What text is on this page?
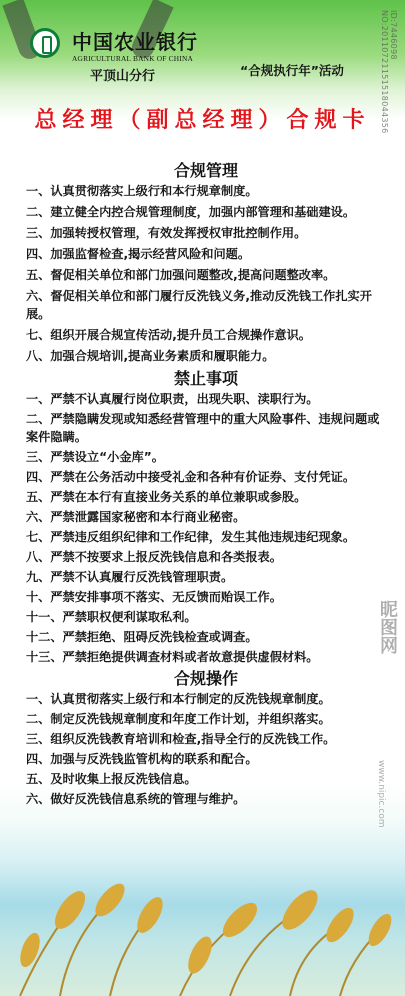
中国农业银行
AGRICULTURAL BANK OF CHINA
平顶山分行	“合规执行年”活动
ID:7446098 NO:20110721151518044356
总经理（副总经理）合规卡
合规管理
一、认真贯彻落实上级行和本行规章制度。
二、建立健全内控合规管理制度，加强内部管理和基础建设。
三、加强转授权管理，有效发挥授权审批控制作用。
四、加强监督检查,揭示经营风险和问题。
五、督促相关单位和部门加强问题整改,提高问题整改率。
六、督促相关单位和部门履行反洗钱义务,推动反洗钱工作扎实开展。
七、组织开展合规宣传活动,提升员工合规操作意识。
八、加强合规培训,提高业务素质和履职能力。
禁止事项
一、严禁不认真履行岗位职责，出现失职、渎职行为。
二、严禁隐瞒发现或知悉经营管理中的重大风险事件、违规问题或案件隐瞒。
三、严禁设立“小金库”。
四、严禁在公务活动中接受礼金和各种有价证券、支付凭证。
五、严禁在本行有直接业务关系的单位兼职或参股。
六、严禁泄露国家秘密和本行商业秘密。
七、严禁违反组织纪律和工作纪律，发生其他违规违纪现象。
八、严禁不按要求上报反洗钱信息和各类报表。
九、严禁不认真履行反洗钱管理职责。
十、严禁安排事项不落实、无反馈而贻误工作。
十一、严禁职权便利谋取私利。
十二、严禁拒绝、阻碍反洗钱检查或调查。
十三、严禁拒绝提供调查材料或者故意提供虚假材料。
合规操作
一、认真贯彻落实上级行和本行制定的反洗钱规章制度。
二、制定反洗钱规章制度和年度工作计划，并组织落实。
三、组织反洗钱教育培训和检查,指导全行的反洗钱工作。
四、加强与反洗钱监管机构的联系和配合。
五、及时收集上报反洗钱信息。
六、做好反洗钱信息系统的管理与维护。
昵图网
www.nipic.com
